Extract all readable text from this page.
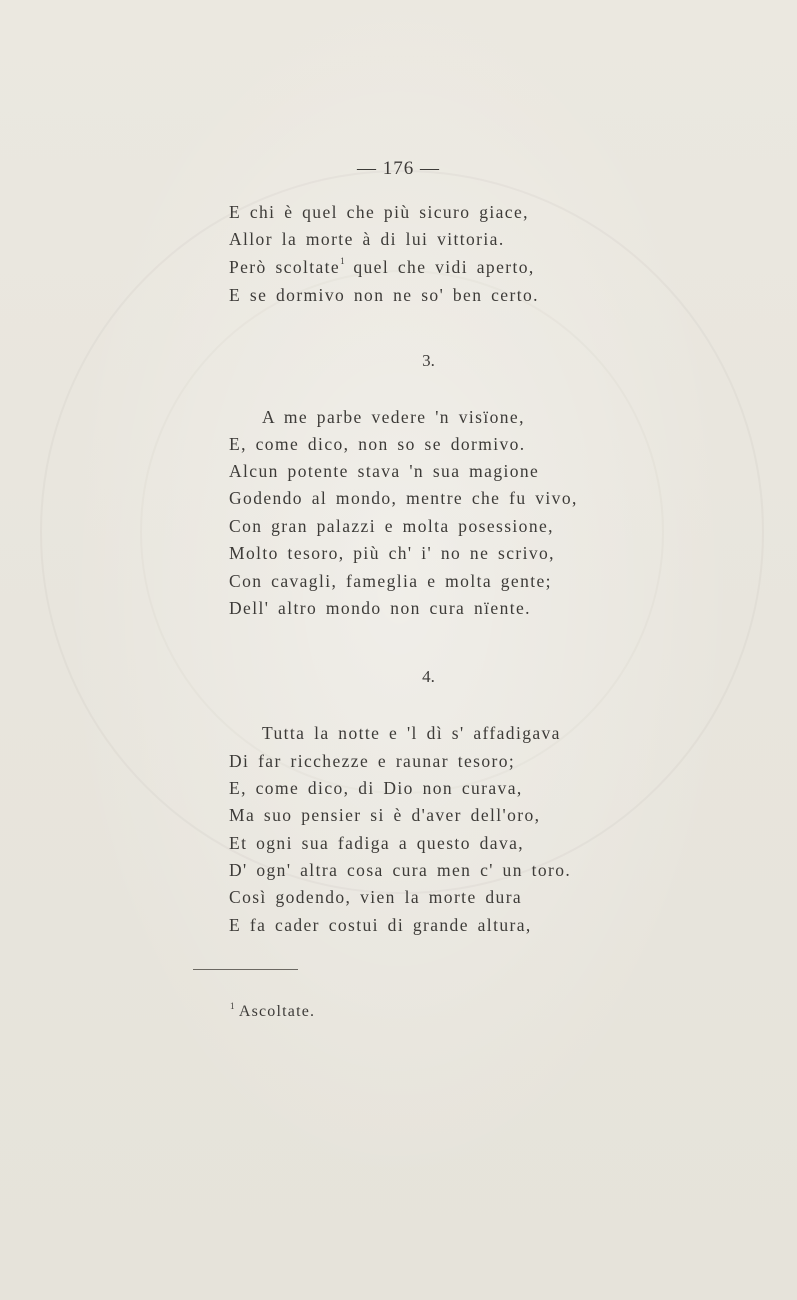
— 176 —
E chi è quel che più sicuro giace,
Allor la morte à di lui vittoria.
Però scoltate$^1$ quel che vidi aperto,
E se dormivo non ne so' ben certo.
3.
A me parbe vedere 'n visïone,
E, come dico, non so se dormivo.
Alcun potente stava 'n sua magione
Godendo al mondo, mentre che fu vivo,
Con gran palazzi e molta posessione,
Molto tesoro, più ch' i' no ne scrivo,
Con cavagli, fameglia e molta gente;
Dell' altro mondo non cura nïente.
4.
Tutta la notte e 'l dì s' affadigava
Di far ricchezze e raunar tesoro;
E, come dico, di Dio non curava,
Ma suo pensier si è d'aver dell'oro,
Et ogni sua fadiga a questo dava,
D' ogn' altra cosa cura men c' un toro.
Così godendo, vien la morte dura
E fa cader costui di grande altura,
$^1$ Ascoltate.
